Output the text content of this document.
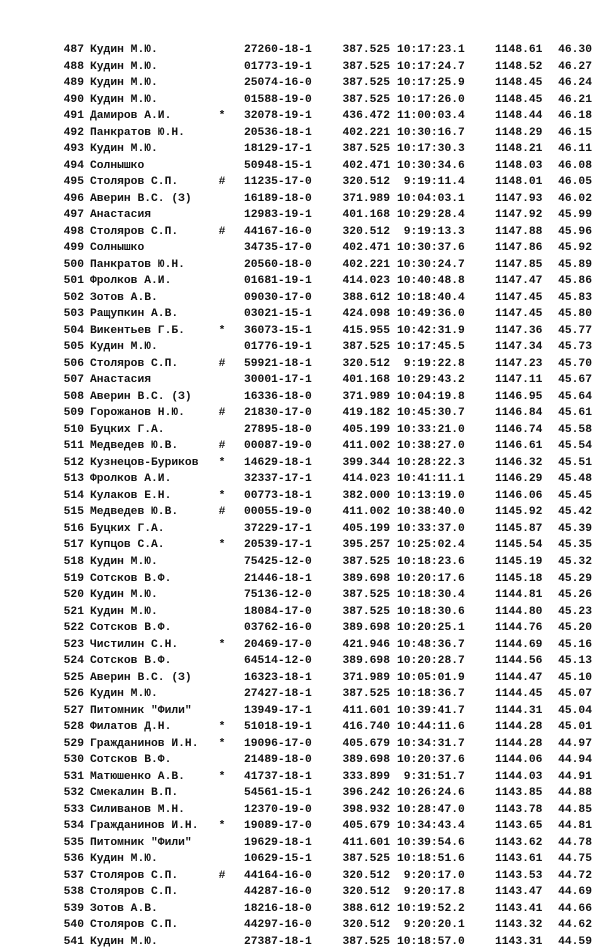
487 Кудин М.Ю.	27260-18-1	387.525 10:17:23.1	1148.61	46.30
488 Кудин М.Ю.	01773-19-1	387.525 10:17:24.7	1148.52	46.27
489 Кудин М.Ю.	25074-16-0	387.525 10:17:25.9	1148.45	46.24
490 Кудин М.Ю.	01588-19-0	387.525 10:17:26.0	1148.45	46.21
491 Дамиров А.И.	* 32078-19-1	436.472 11:00:03.4	1148.44	46.18
492 Панкратов Ю.Н.	20536-18-1	402.221 10:30:16.7	1148.29	46.15
493 Кудин М.Ю.	18129-17-1	387.525 10:17:30.3	1148.21	46.11
494 Солнышко	50948-15-1	402.471 10:30:34.6	1148.03	46.08
495 Столяров С.П.	# 11235-17-0	320.512 9:19:11.4	1148.01	46.05
496 Аверин В.С. (З)	16189-18-0	371.989 10:04:03.1	1147.93	46.02
497 Анастасия	12983-19-1	401.168 10:29:28.4	1147.92	45.99
498 Столяров С.П.	# 44167-16-0	320.512 9:19:13.3	1147.88	45.96
499 Солнышко	34735-17-0	402.471 10:30:37.6	1147.86	45.92
500 Панкратов Ю.Н.	20560-18-0	402.221 10:30:24.7	1147.85	45.89
501 Фролков А.И.	01681-19-1	414.023 10:40:48.8	1147.47	45.86
502 Зотов А.В.	09030-17-0	388.612 10:18:40.4	1147.45	45.83
503 Ращупкин А.В.	03021-15-1	424.098 10:49:36.0	1147.45	45.80
504 Викентьев Г.Б.	* 36073-15-1	415.955 10:42:31.9	1147.36	45.77
505 Кудин М.Ю.	01776-19-1	387.525 10:17:45.5	1147.34	45.73
506 Столяров С.П.	# 59921-18-1	320.512 9:19:22.8	1147.23	45.70
507 Анастасия	30001-17-1	401.168 10:29:43.2	1147.11	45.67
508 Аверин В.С. (З)	16336-18-0	371.989 10:04:19.8	1146.95	45.64
509 Горожанов Н.Ю.	# 21830-17-0	419.182 10:45:30.7	1146.84	45.61
510 Буцких Г.А.	27895-18-0	405.199 10:33:21.0	1146.74	45.58
511 Медведев Ю.В.	# 00087-19-0	411.002 10:38:27.0	1146.61	45.54
512 Кузнецов-Буриков * 14629-18-1	399.344 10:28:22.3	1146.32	45.51
513 Фролков А.И.	32337-17-1	414.023 10:41:11.1	1146.29	45.48
514 Кулаков Е.Н.	* 00773-18-1	382.000 10:13:19.0	1146.06	45.45
515 Медведев Ю.В.	# 00055-19-0	411.002 10:38:40.0	1145.92	45.42
516 Буцких Г.А.	37229-17-1	405.199 10:33:37.0	1145.87	45.39
517 Купцов С.А.	* 20539-17-1	395.257 10:25:02.4	1145.54	45.35
518 Кудин М.Ю.	75425-12-0	387.525 10:18:23.6	1145.19	45.32
519 Сотсков В.Ф.	21446-18-1	389.698 10:20:17.6	1145.18	45.29
520 Кудин М.Ю.	75136-12-0	387.525 10:18:30.4	1144.81	45.26
521 Кудин М.Ю.	18084-17-0	387.525 10:18:30.6	1144.80	45.23
522 Сотсков В.Ф.	03762-16-0	389.698 10:20:25.1	1144.76	45.20
523 Чистилин С.Н.	* 20469-17-0	421.946 10:48:36.7	1144.69	45.16
524 Сотсков В.Ф.	64514-12-0	389.698 10:20:28.7	1144.56	45.13
525 Аверин В.С. (З)	16323-18-1	371.989 10:05:01.9	1144.47	45.10
526 Кудин М.Ю.	27427-18-1	387.525 10:18:36.7	1144.45	45.07
527 Питомник "Фили"	13949-17-1	411.601 10:39:41.7	1144.31	45.04
528 Филатов Д.Н.	* 51018-19-1	416.740 10:44:11.6	1144.28	45.01
529 Гражданинов И.Н. * 19096-17-0	405.679 10:34:31.7	1144.28	44.97
530 Сотсков В.Ф.	21489-18-0	389.698 10:20:37.6	1144.06	44.94
531 Матюшенко А.В.	* 41737-18-1	333.899 9:31:51.7	1144.03	44.91
532 Смекалин В.П.	54561-15-1	396.242 10:26:24.6	1143.85	44.88
533 Силиванов М.Н.	12370-19-0	398.932 10:28:47.0	1143.78	44.85
534 Гражданинов И.Н. * 19089-17-0	405.679 10:34:43.4	1143.65	44.81
535 Питомник "Фили"	19629-18-1	411.601 10:39:54.6	1143.62	44.78
536 Кудин М.Ю.	10629-15-1	387.525 10:18:51.6	1143.61	44.75
537 Столяров С.П.	# 44164-16-0	320.512 9:20:17.0	1143.53	44.72
538 Столяров С.П.	44287-16-0	320.512 9:20:17.8	1143.47	44.69
539 Зотов А.В.	18216-18-0	388.612 10:19:52.2	1143.41	44.66
540 Столяров С.П.	44297-16-0	320.512 9:20:20.1	1143.32	44.62
541 Кудин М.Ю.	27387-18-1	387.525 10:18:57.0	1143.31	44.59
